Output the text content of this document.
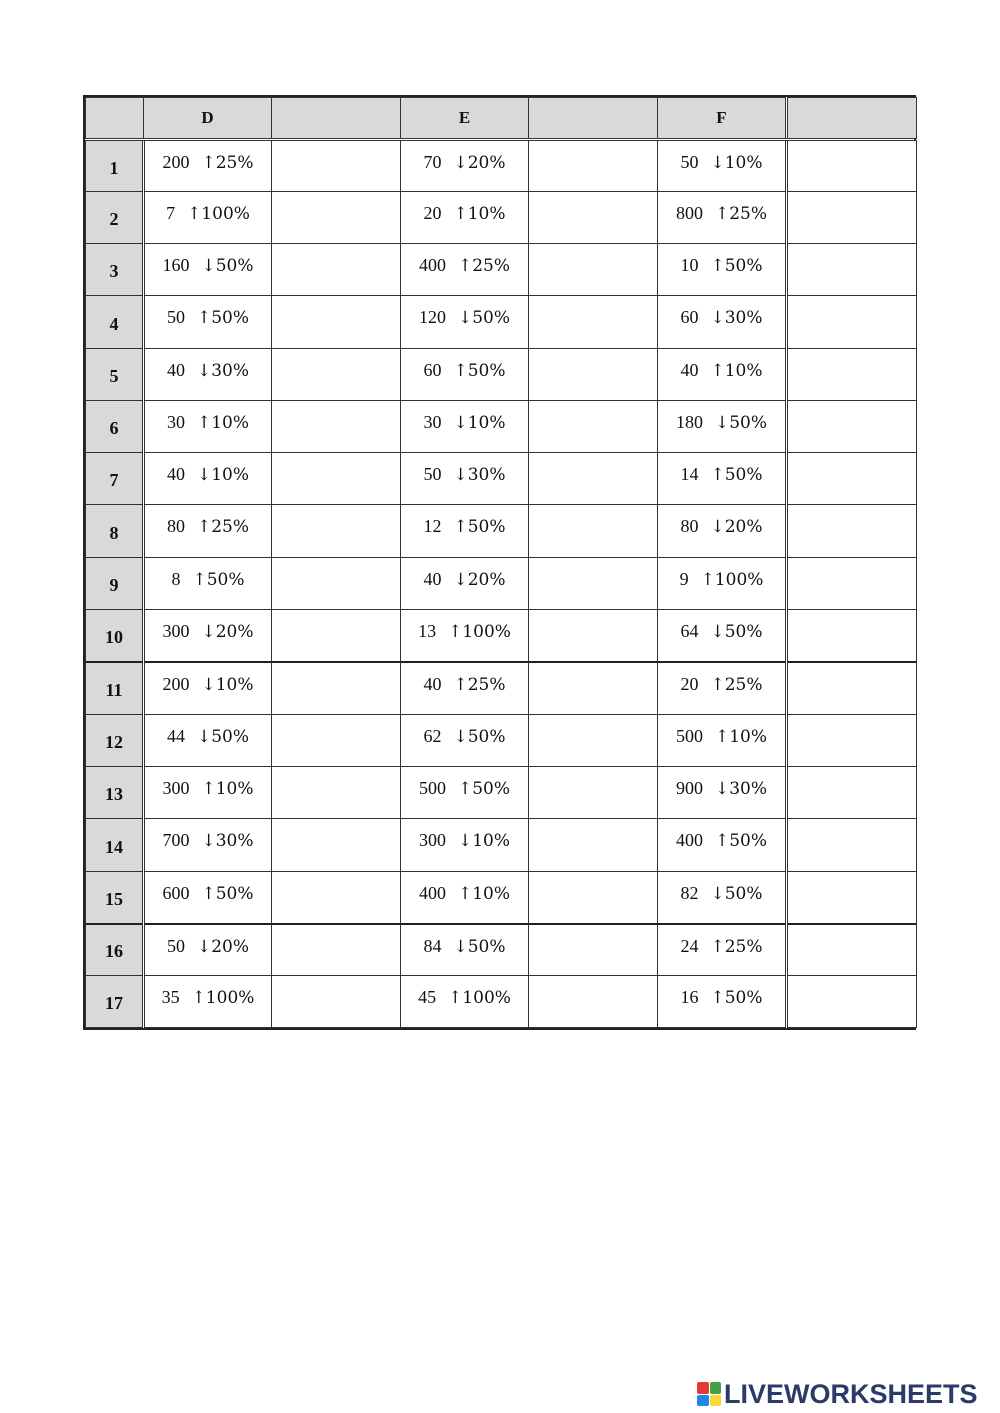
	D		E		F	
1	200 ↑25%		70 ↓20%		50 ↓10%	
2	7 ↑100%		20 ↑10%		800 ↑25%	
3	160 ↓50%		400 ↑25%		10 ↑50%	
4	50 ↑50%		120 ↓50%		60 ↓30%	
5	40 ↓30%		60 ↑50%		40 ↑10%	
6	30 ↑10%		30 ↓10%		180 ↓50%	
7	40 ↓10%		50 ↓30%		14 ↑50%	
8	80 ↑25%		12 ↑50%		80 ↓20%	
9	8 ↑50%		40 ↓20%		9 ↑100%	
10	300 ↓20%		13 ↑100%		64 ↓50%	
11	200 ↓10%		40 ↑25%		20 ↑25%	
12	44 ↓50%		62 ↓50%		500 ↑10%	
13	300 ↑10%		500 ↑50%		900 ↓30%	
14	700 ↓30%		300 ↓10%		400 ↑50%	
15	600 ↑50%		400 ↑10%		82 ↓50%	
16	50 ↓20%		84 ↓50%		24 ↑25%	
17	35 ↑100%		45 ↑100%		16 ↑50%	
LIVEWORKSHEETS
